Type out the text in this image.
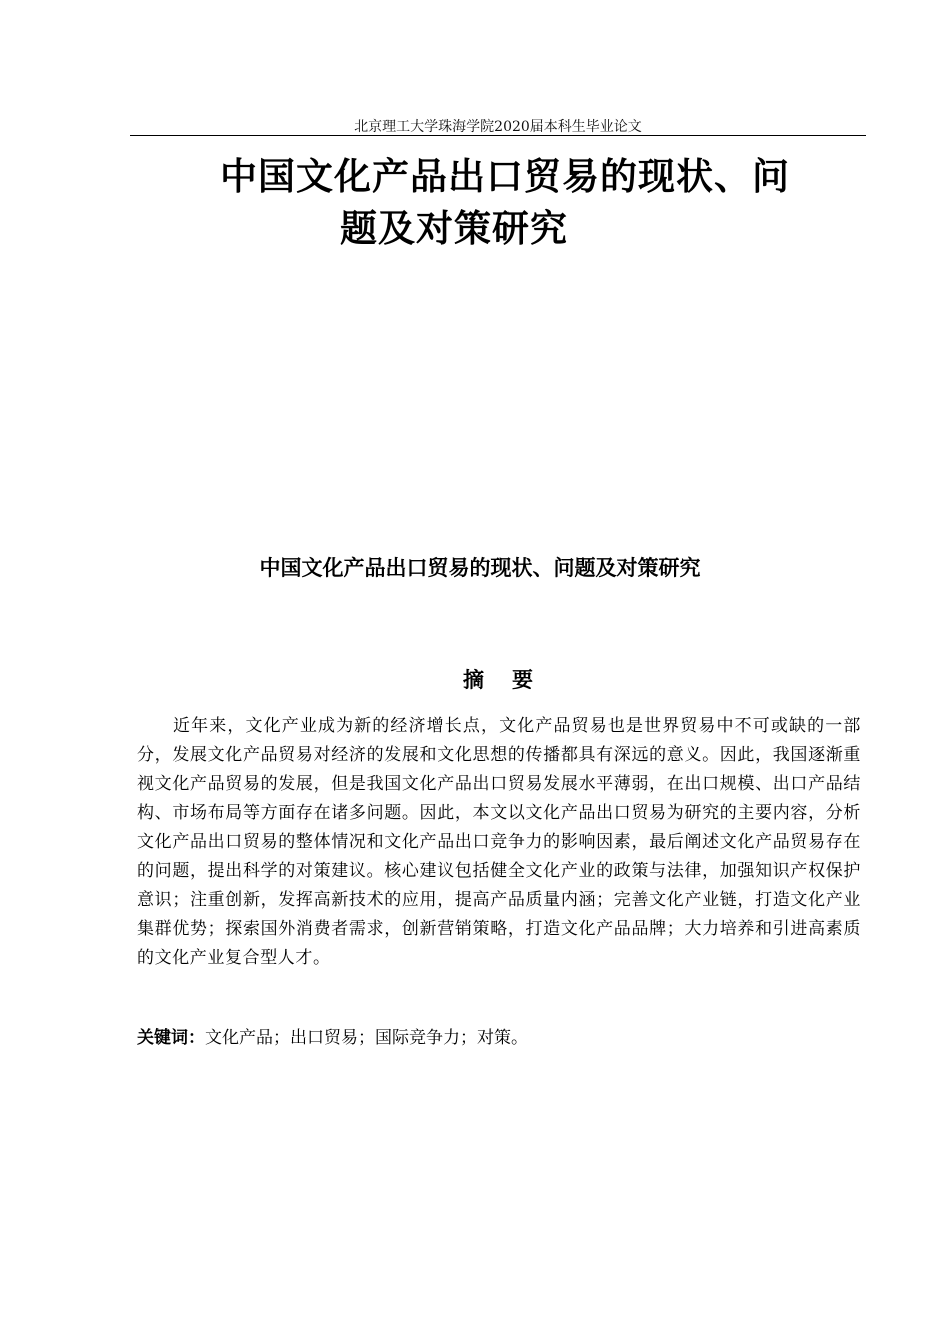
北京理工大学珠海学院2020届本科生毕业论文
中国文化产品出口贸易的现状、问
题及对策研究
中国文化产品出口贸易的现状、问题及对策研究
摘 要

近年来，文化产业成为新的经济增长点，文化产品贸易也是世界贸易中不可或缺的一部分，发展文化产品贸易对经济的发展和文化思想的传播都具有深远的意义。因此，我国逐渐重视文化产品贸易的发展，但是我国文化产品出口贸易发展水平薄弱，在出口规模、出口产品结构、市场布局等方面存在诸多问题。因此，本文以文化产品出口贸易为研究的主要内容，分析文化产品出口贸易的整体情况和文化产品出口竞争力的影响因素，最后阐述文化产品贸易存在的问题，提出科学的对策建议。核心建议包括健全文化产业的政策与法律，加强知识产权保护意识；注重创新，发挥高新技术的应用，提高产品质量内涵；完善文化产业链，打造文化产业集群优势；探索国外消费者需求，创新营销策略，打造文化产品品牌；大力培养和引进高素质的文化产业复合型人才。

关键词：文化产品；出口贸易；国际竞争力；对策。
